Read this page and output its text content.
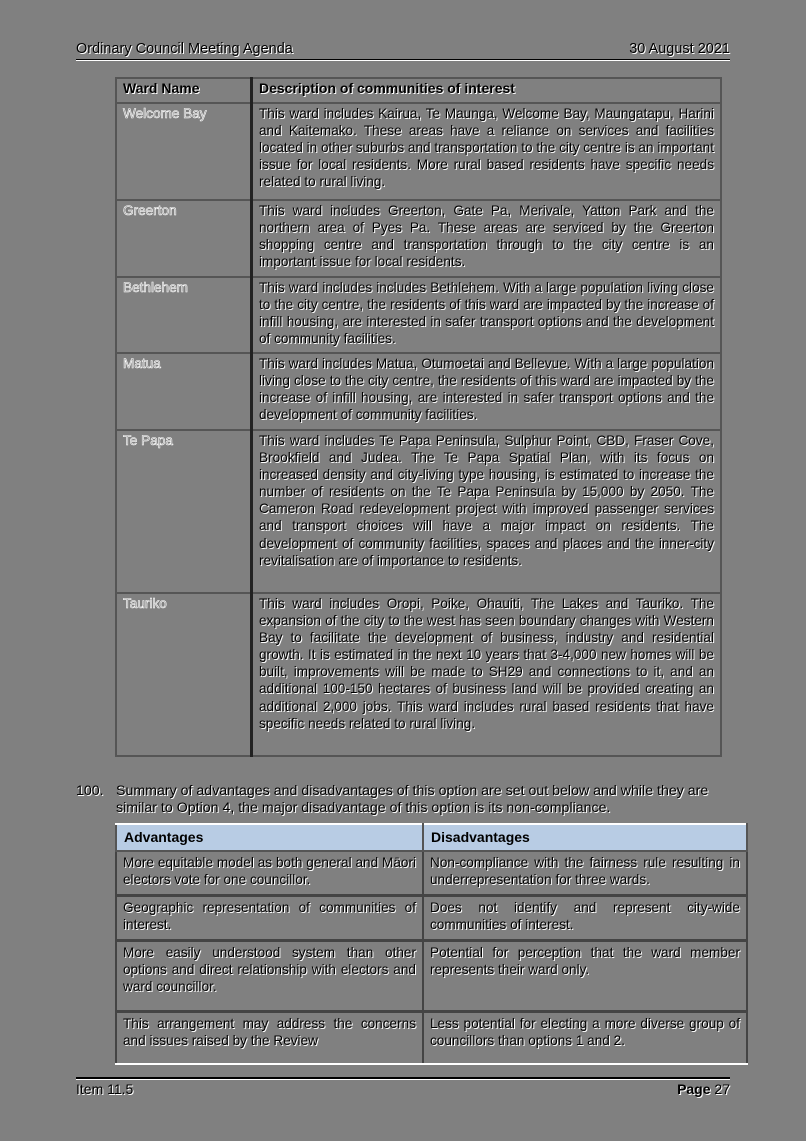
Ordinary Council Meeting Agenda	30 August 2021
Ward Name	Description of communities of interest
Welcome Bay	This ward includes Kairua, Te Maunga, Welcome Bay, Maungatapu, Harini and Kaitemako. These areas have a reliance on services and facilities located in other suburbs and transportation to the city centre is an important issue for local residents. More rural based residents have specific needs related to rural living.
Greerton	This ward includes Greerton, Gate Pa, Merivale, Yatton Park and the northern area of Pyes Pa. These areas are serviced by the Greerton shopping centre and transportation through to the city centre is an important issue for local residents.
Bethlehem	This ward includes includes Bethlehem. With a large population living close to the city centre, the residents of this ward are impacted by the increase of infill housing, are interested in safer transport options and the development of community facilities.
Matua	This ward includes Matua, Otumoetai and Bellevue. With a large population living close to the city centre, the residents of this ward are impacted by the increase of infill housing, are interested in safer transport options and the development of community facilities.
Te Papa	This ward includes Te Papa Peninsula, Sulphur Point, CBD, Fraser Cove, Brookfield and Judea. The Te Papa Spatial Plan, with its focus on increased density and city-living type housing, is estimated to increase the number of residents on the Te Papa Peninsula by 15,000 by 2050. The Cameron Road redevelopment project with improved passenger services and transport choices will have a major impact on residents. The development of community facilities, spaces and places and the inner-city revitalisation are of importance to residents.
Tauriko	This ward includes Oropi, Poike, Ohauiti, The Lakes and Tauriko. The expansion of the city to the west has seen boundary changes with Western Bay to facilitate the development of business, industry and residential growth. It is estimated in the next 10 years that 3-4,000 new homes will be built, improvements will be made to SH29 and connections to it, and an additional 100-150 hectares of business land will be provided creating an additional 2,000 jobs. This ward includes rural based residents that have specific needs related to rural living.
100. Summary of advantages and disadvantages of this option are set out below and while they are similar to Option 4, the major disadvantage of this option is its non-compliance.
Advantages	Disadvantages
More equitable model as both general and Māori electors vote for one councillor.	Non-compliance with the fairness rule resulting in underrepresentation for three wards.
Geographic representation of communities of interest.	Does not identify and represent city-wide communities of interest.
More easily understood system than other options and direct relationship with electors and ward councillor.	Potential for perception that the ward member represents their ward only.
This arrangement may address the concerns and issues raised by the Review	Less potential for electing a more diverse group of councillors than options 1 and 2.
Item 11.5	Page 27
